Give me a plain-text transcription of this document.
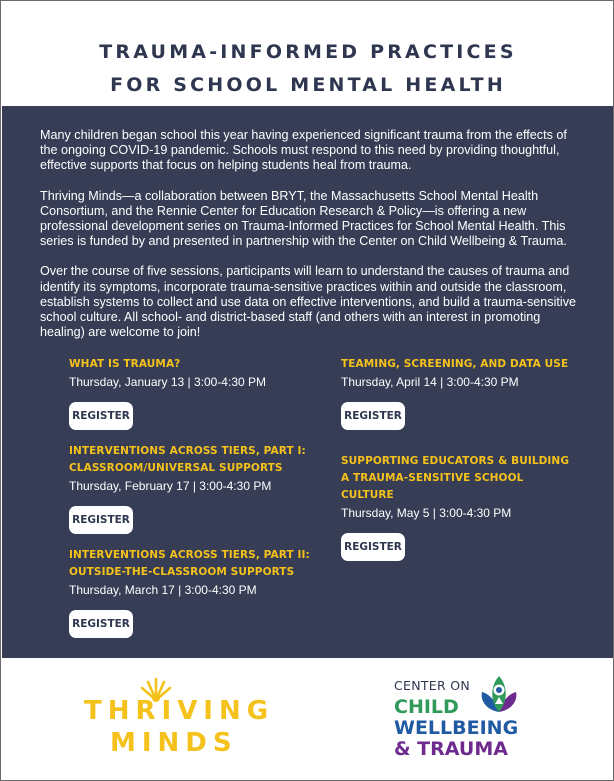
TRAUMA-INFORMED PRACTICES
FOR SCHOOL MENTAL HEALTH

Many children began school this year having experienced significant trauma from the effects of the ongoing COVID-19 pandemic. Schools must respond to this need by providing thoughtful, effective supports that focus on helping students heal from trauma.

Thriving Minds—a collaboration between BRYT, the Massachusetts School Mental Health Consortium, and the Rennie Center for Education Research & Policy—is offering a new professional development series on Trauma-Informed Practices for School Mental Health. This series is funded by and presented in partnership with the Center on Child Wellbeing & Trauma.

Over the course of five sessions, participants will learn to understand the causes of trauma and identify its symptoms, incorporate trauma-sensitive practices within and outside the classroom, establish systems to collect and use data on effective interventions, and build a trauma-sensitive school culture. All school- and district-based staff (and others with an interest in promoting healing) are welcome to join!

WHAT IS TRAUMA?
Thursday, January 13 | 3:00-4:30 PM
REGISTER
INTERVENTIONS ACROSS TIERS, PART I:
CLASSROOM/UNIVERSAL SUPPORTS
Thursday, February 17 | 3:00-4:30 PM
REGISTER
INTERVENTIONS ACROSS TIERS, PART II:
OUTSIDE-THE-CLASSROOM SUPPORTS
Thursday, March 17 | 3:00-4:30 PM
REGISTER
TEAMING, SCREENING, AND DATA USE
Thursday, April 14 | 3:00-4:30 PM
REGISTER
SUPPORTING EDUCATORS & BUILDING
A TRAUMA-SENSITIVE SCHOOL
CULTURE
Thursday, May 5 | 3:00-4:30 PM
REGISTER
THRIVING
MINDS
CENTER ON
CHILD
WELLBEING
& TRAUMA
